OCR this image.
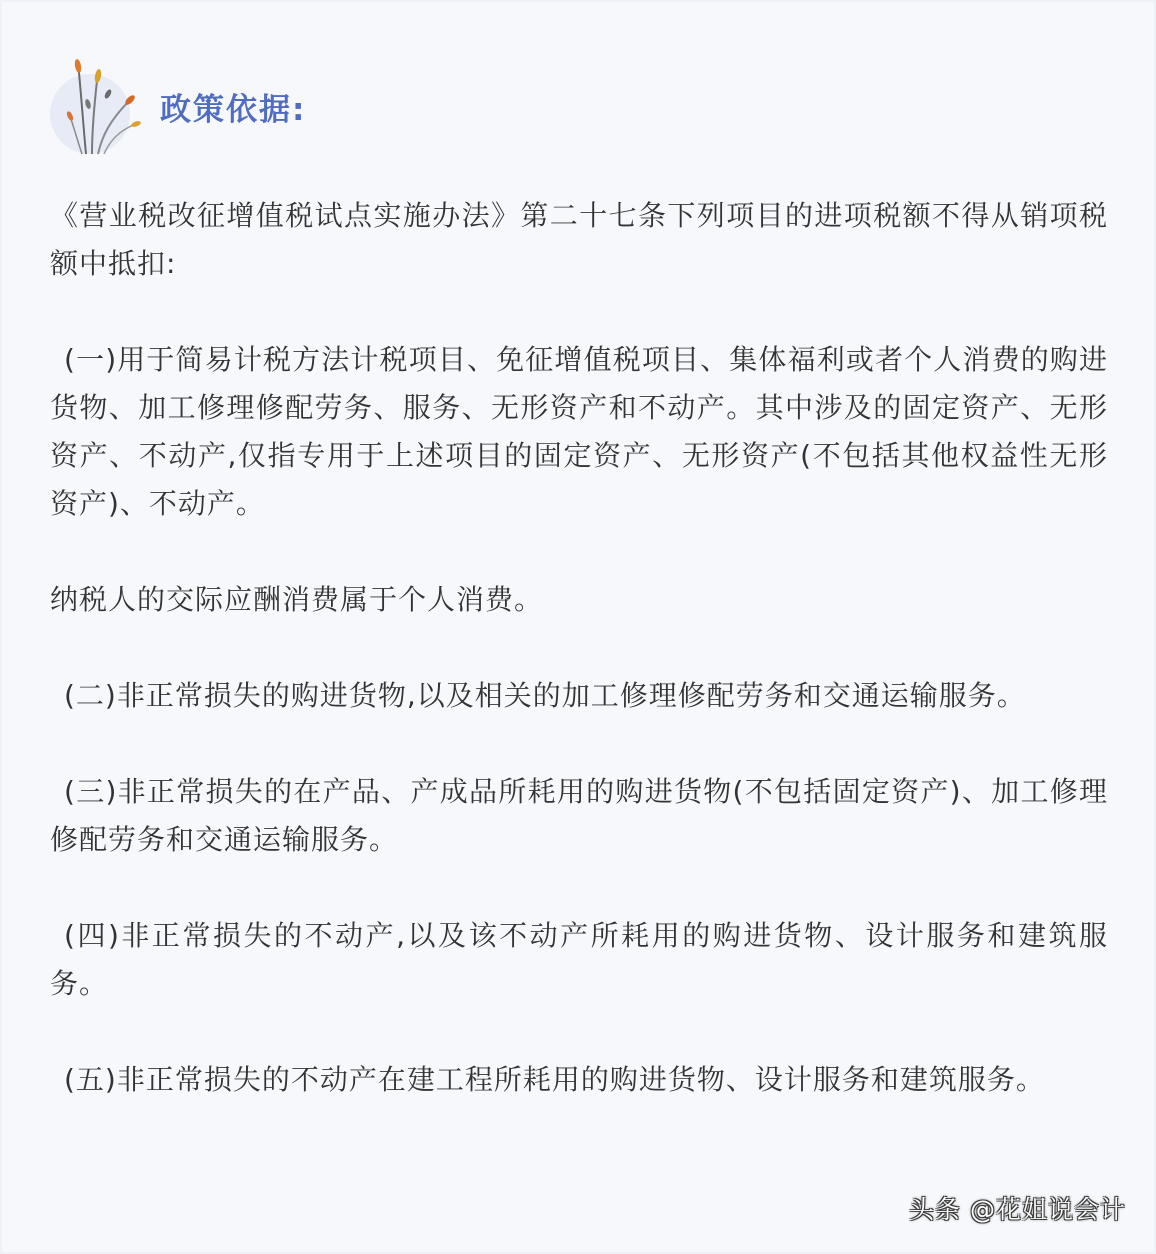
政策依据:

《营业税改征增值税试点实施办法》第二十七条下列项目的进项税额不得从销项税额中抵扣:

(一)用于简易计税方法计税项目、免征增值税项目、集体福利或者个人消费的购进货物、加工修理修配劳务、服务、无形资产和不动产。其中涉及的固定资产、无形资产、不动产,仅指专用于上述项目的固定资产、无形资产(不包括其他权益性无形资产)、不动产。

纳税人的交际应酬消费属于个人消费。

(二)非正常损失的购进货物,以及相关的加工修理修配劳务和交通运输服务。

(三)非正常损失的在产品、产成品所耗用的购进货物(不包括固定资产)、加工修理修配劳务和交通运输服务。

(四)非正常损失的不动产,以及该不动产所耗用的购进货物、设计服务和建筑服务。

(五)非正常损失的不动产在建工程所耗用的购进货物、设计服务和建筑服务。

头条 @花姐说会计
